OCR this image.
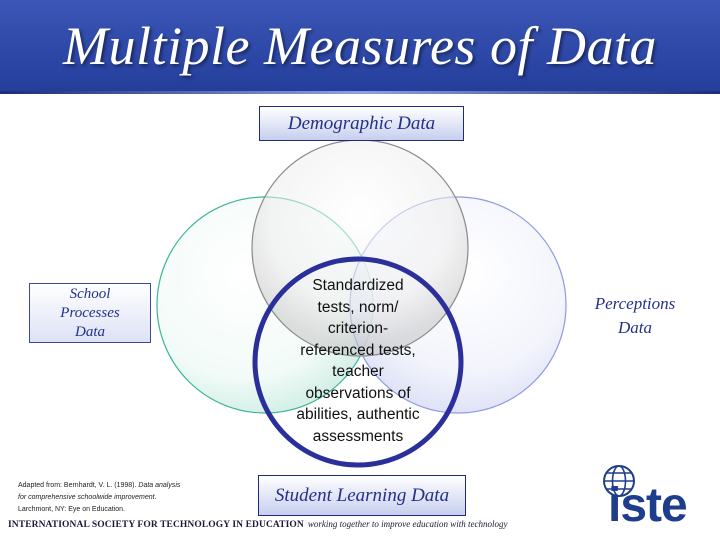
Multiple Measures of Data
Demographic Data
School
Processes
Data
Perceptions
Data
Standardized
tests, norm/
criterion-
referenced tests,
teacher
observations of
abilities, authentic
assessments
Student Learning Data
Adapted from: Bernhardt, V. L. (1998). Data analysis
for comprehensive schoolwide improvement.
Larchmont, NY: Eye on Education.
INTERNATIONAL SOCIETY FOR TECHNOLOGY IN EDUCATION working together to improve education with technology iste
